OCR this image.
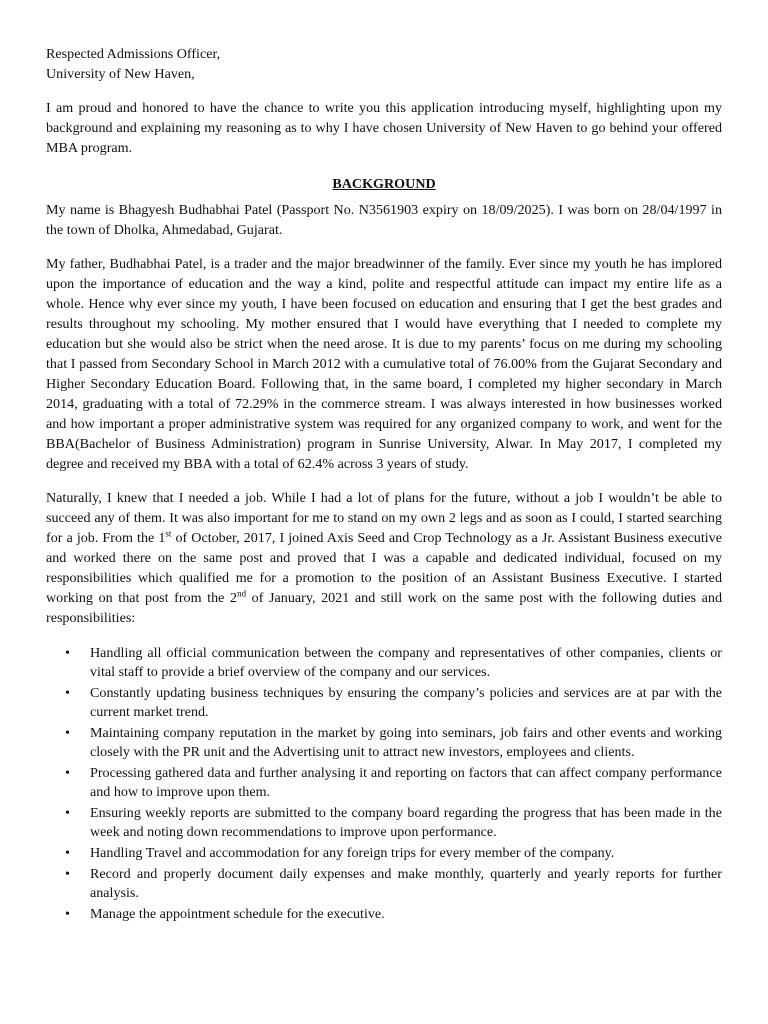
Respected Admissions Officer,

University of New Haven,

I am proud and honored to have the chance to write you this application introducing myself, highlighting upon my background and explaining my reasoning as to why I have chosen University of New Haven to go behind your offered MBA program.

BACKGROUND

My name is Bhagyesh Budhabhai Patel (Passport No. N3561903 expiry on 18/09/2025). I was born on 28/04/1997 in the town of Dholka, Ahmedabad, Gujarat.

My father, Budhabhai Patel, is a trader and the major breadwinner of the family. Ever since my youth he has implored upon the importance of education and the way a kind, polite and respectful attitude can impact my entire life as a whole. Hence why ever since my youth, I have been focused on education and ensuring that I get the best grades and results throughout my schooling. My mother ensured that I would have everything that I needed to complete my education but she would also be strict when the need arose. It is due to my parents’ focus on me during my schooling that I passed from Secondary School in March 2012 with a cumulative total of 76.00% from the Gujarat Secondary and Higher Secondary Education Board. Following that, in the same board, I completed my higher secondary in March 2014, graduating with a total of 72.29% in the commerce stream. I was always interested in how businesses worked and how important a proper administrative system was required for any organized company to work, and went for the BBA(Bachelor of Business Administration) program in Sunrise University, Alwar. In May 2017, I completed my degree and received my BBA with a total of 62.4% across 3 years of study.

Naturally, I knew that I needed a job. While I had a lot of plans for the future, without a job I wouldn’t be able to succeed any of them. It was also important for me to stand on my own 2 legs and as soon as I could, I started searching for a job. From the 1st of October, 2017, I joined Axis Seed and Crop Technology as a Jr. Assistant Business executive and worked there on the same post and proved that I was a capable and dedicated individual, focused on my responsibilities which qualified me for a promotion to the position of an Assistant Business Executive. I started working on that post from the 2nd of January, 2021 and still work on the same post with the following duties and responsibilities:

• Handling all official communication between the company and representatives of other companies, clients or vital staff to provide a brief overview of the company and our services.
• Constantly updating business techniques by ensuring the company’s policies and services are at par with the current market trend.
• Maintaining company reputation in the market by going into seminars, job fairs and other events and working closely with the PR unit and the Advertising unit to attract new investors, employees and clients.
• Processing gathered data and further analysing it and reporting on factors that can affect company performance and how to improve upon them.
• Ensuring weekly reports are submitted to the company board regarding the progress that has been made in the week and noting down recommendations to improve upon performance.
• Handling Travel and accommodation for any foreign trips for every member of the company.
• Record and properly document daily expenses and make monthly, quarterly and yearly reports for further analysis.
• Manage the appointment schedule for the executive.
